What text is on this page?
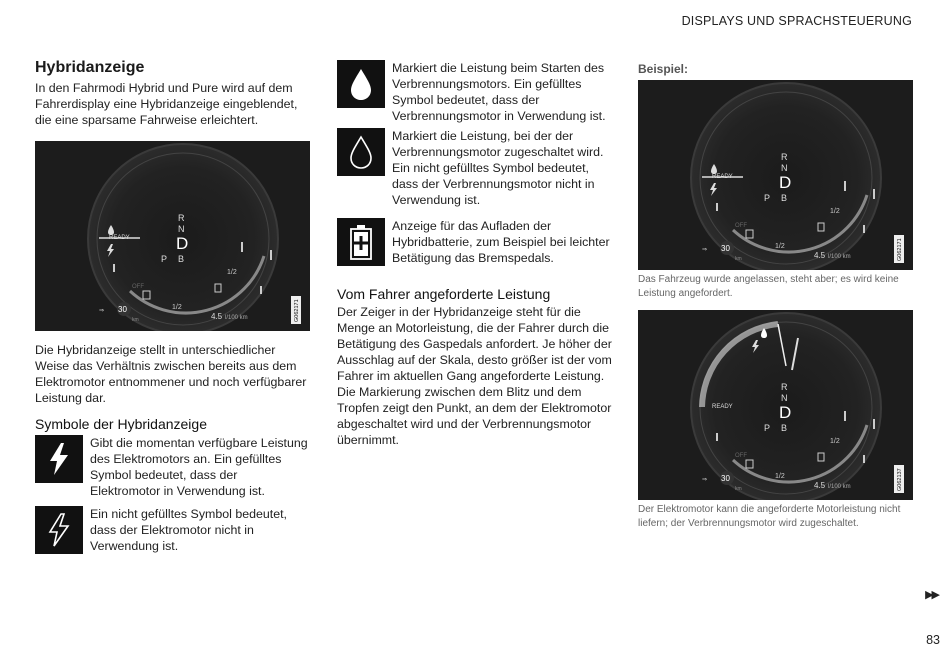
DISPLAYS UND SPRACHSTEUERUNG
▶▶
83
Hybridanzeige

In den Fahrmodi Hybrid und Pure wird auf dem Fahrerdisplay eine Hybridanzeige eingeblendet, die eine sparsame Fahrweise erleichtert.

READY
OFF
R
N
D
B
P
1/2
1/2
⇒ 30
km	4.5 l/100 km	G062171

Die Hybridanzeige stellt in unterschiedlicher Weise das Verhältnis zwischen bereits aus dem Elektromotor entnommener und noch verfügbarer Leistung dar.

Symbole der Hybridanzeige
Gibt die momentan verfügbare Leistung des Elektromotors an. Ein gefülltes Symbol bedeutet, dass der Elektromotor in Verwendung ist.
Ein nicht gefülltes Symbol bedeutet, dass der Elektromotor nicht in Verwendung ist.
Markiert die Leistung beim Starten des Verbrennungsmotors. Ein gefülltes Symbol bedeutet, dass der Verbrennungsmotor in Verwendung ist.
Markiert die Leistung, bei der der Verbrennungsmotor zugeschaltet wird. Ein nicht gefülltes Symbol bedeutet, dass der Verbrennungsmotor nicht in Verwendung ist.
Anzeige für das Aufladen der Hybridbatterie, zum Beispiel bei leichter Betätigung das Bremspedals.
Vom Fahrer angeforderte Leistung

Der Zeiger in der Hybridanzeige steht für die Menge an Motorleistung, die der Fahrer durch die Betätigung des Gaspedals anfordert. Je höher der Ausschlag auf der Skala, desto größer ist der vom Fahrer im aktuellen Gang angeforderte Leistung. Die Markierung zwischen dem Blitz und dem Tropfen zeigt den Punkt, an dem der Elektromotor abgeschaltet wird und der Verbrennungsmotor übernimmt.

Beispiel:
READY
OFF
R
N
D
B
P
1/2
1/2
⇒ 30
km	4.5 l/100 km	G062171

Das Fahrzeug wurde angelassen, steht aber; es wird keine Leistung angefordert.

READY
OFF
R
N
D
B
P
1/2
1/2
⇒ 30
km	4.5 l/100 km	G062137

Der Elektromotor kann die angeforderte Motorleistung nicht liefern; der Verbrennungsmotor wird zugeschaltet.
